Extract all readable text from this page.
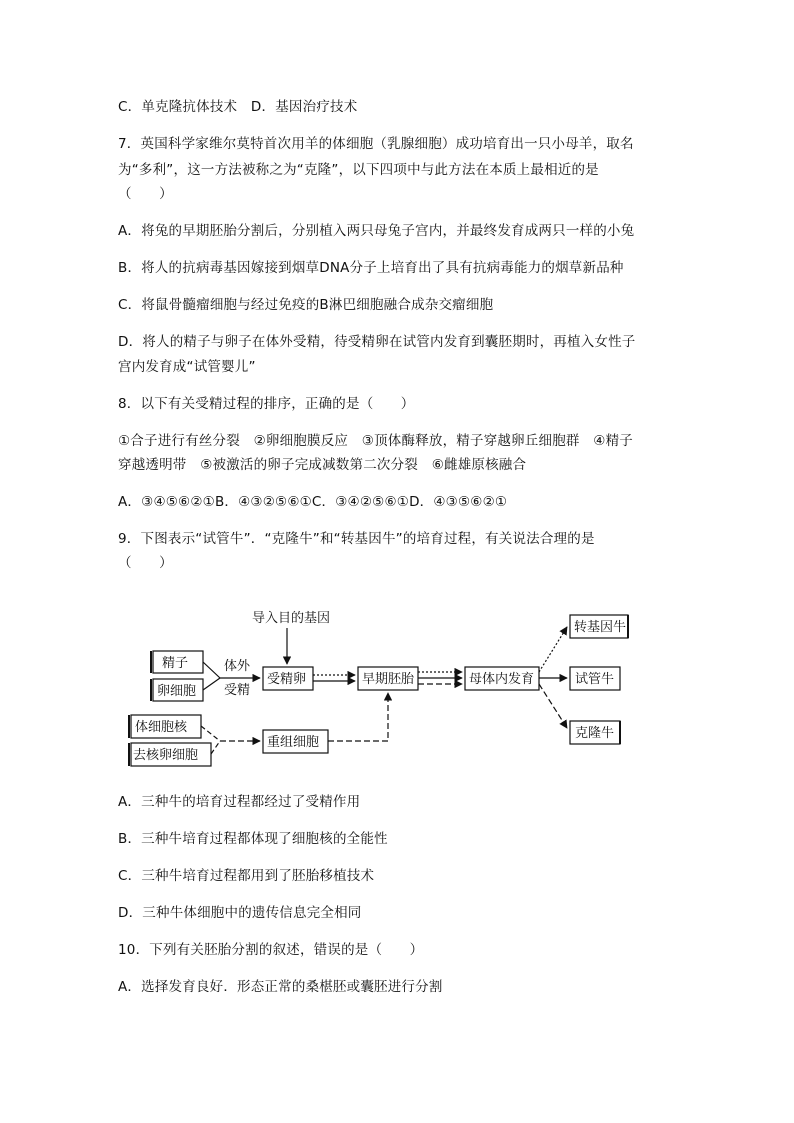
C．单克隆抗体技术　D．基因治疗技术
7．英国科学家维尔莫特首次用羊的体细胞（乳腺细胞）成功培育出一只小母羊，取名
为“多利”，这一方法被称之为“克隆”，以下四项中与此方法在本质上最相近的是
（　　）
A．将兔的早期胚胎分割后，分别植入两只母兔子宫内，并最终发育成两只一样的小兔
B．将人的抗病毒基因嫁接到烟草DNA分子上培育出了具有抗病毒能力的烟草新品种
C．将鼠骨髓瘤细胞与经过免疫的B淋巴细胞融合成杂交瘤细胞
D．将人的精子与卵子在体外受精，待受精卵在试管内发育到囊胚期时，再植入女性子
宫内发育成“试管婴儿”
8．以下有关受精过程的排序，正确的是（　　）
①合子进行有丝分裂　②卵细胞膜反应　③顶体酶释放，精子穿越卵丘细胞群　④精子
穿越透明带　⑤被激活的卵子完成减数第二次分裂　⑥雌雄原核融合
A．③④⑤⑥②①B．④③②⑤⑥①C．③④②⑤⑥①D．④③⑤⑥②①
9．下图表示“试管牛”．“克隆牛”和“转基因牛”的培育过程，有关说法合理的是
（　　）
导入目的基因
精子
卵细胞
体外
受精
受精卵	早期胚胎	母体内发育
转基因牛
试管牛
克隆牛
体细胞核
去核卵细胞
重组细胞
A．三种牛的培育过程都经过了受精作用
B．三种牛培育过程都体现了细胞核的全能性
C．三种牛培育过程都用到了胚胎移植技术
D．三种牛体细胞中的遗传信息完全相同
10．下列有关胚胎分割的叙述，错误的是（　　）
A．选择发育良好．形态正常的桑椹胚或囊胚进行分割
